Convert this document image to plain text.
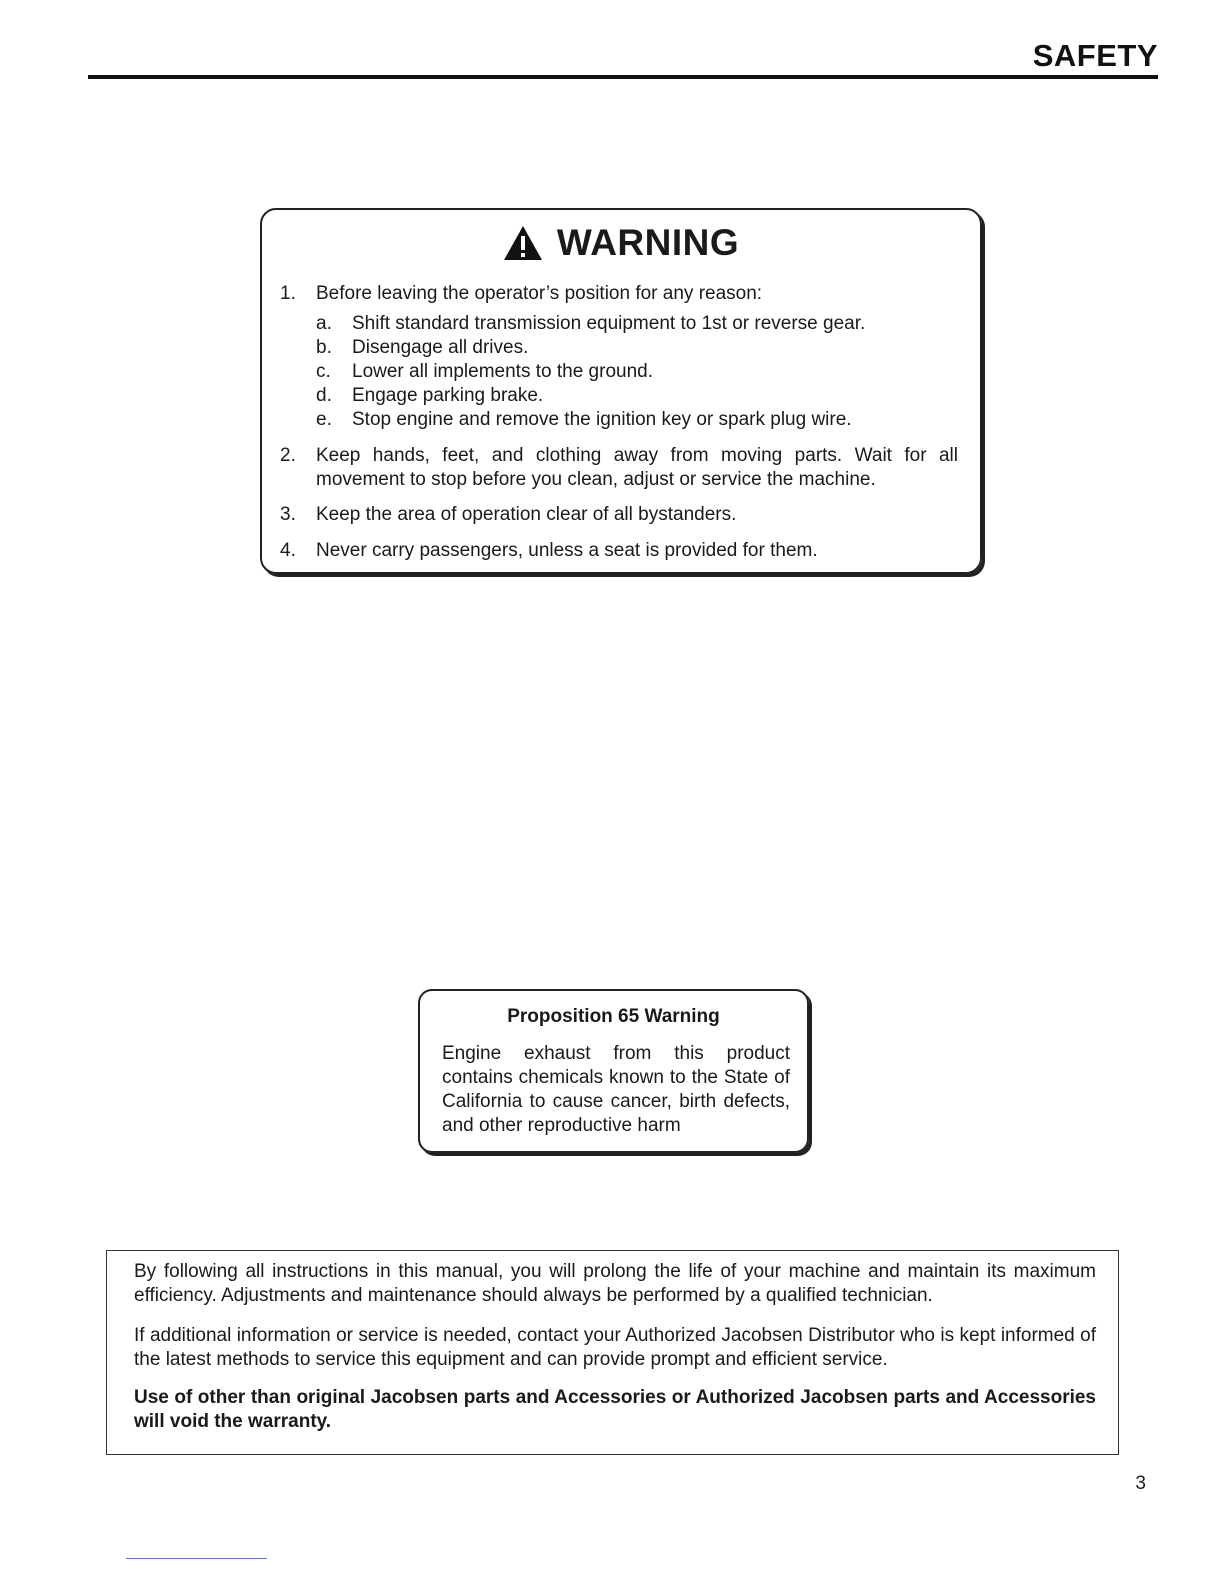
SAFETY
WARNING
1. Before leaving the operator’s position for any reason:
a. Shift standard transmission equipment to 1st or reverse gear.
b. Disengage all drives.
c. Lower all implements to the ground.
d. Engage parking brake.
e. Stop engine and remove the ignition key or spark plug wire.
2. Keep hands, feet, and clothing away from moving parts. Wait for all movement to stop before you clean, adjust or service the machine.
3. Keep the area of operation clear of all bystanders.
4. Never carry passengers, unless a seat is provided for them.
Proposition 65 Warning
Engine exhaust from this product contains chemicals known to the State of California to cause cancer, birth defects, and other reproductive harm
By following all instructions in this manual, you will prolong the life of your machine and maintain its maximum efficiency. Adjustments and maintenance should always be performed by a qualified technician.
If additional information or service is needed, contact your Authorized Jacobsen Distributor who is kept informed of the latest methods to service this equipment and can provide prompt and efficient service.
Use of other than original Jacobsen parts and Accessories or Authorized Jacobsen parts and Accessories will void the warranty.
3
